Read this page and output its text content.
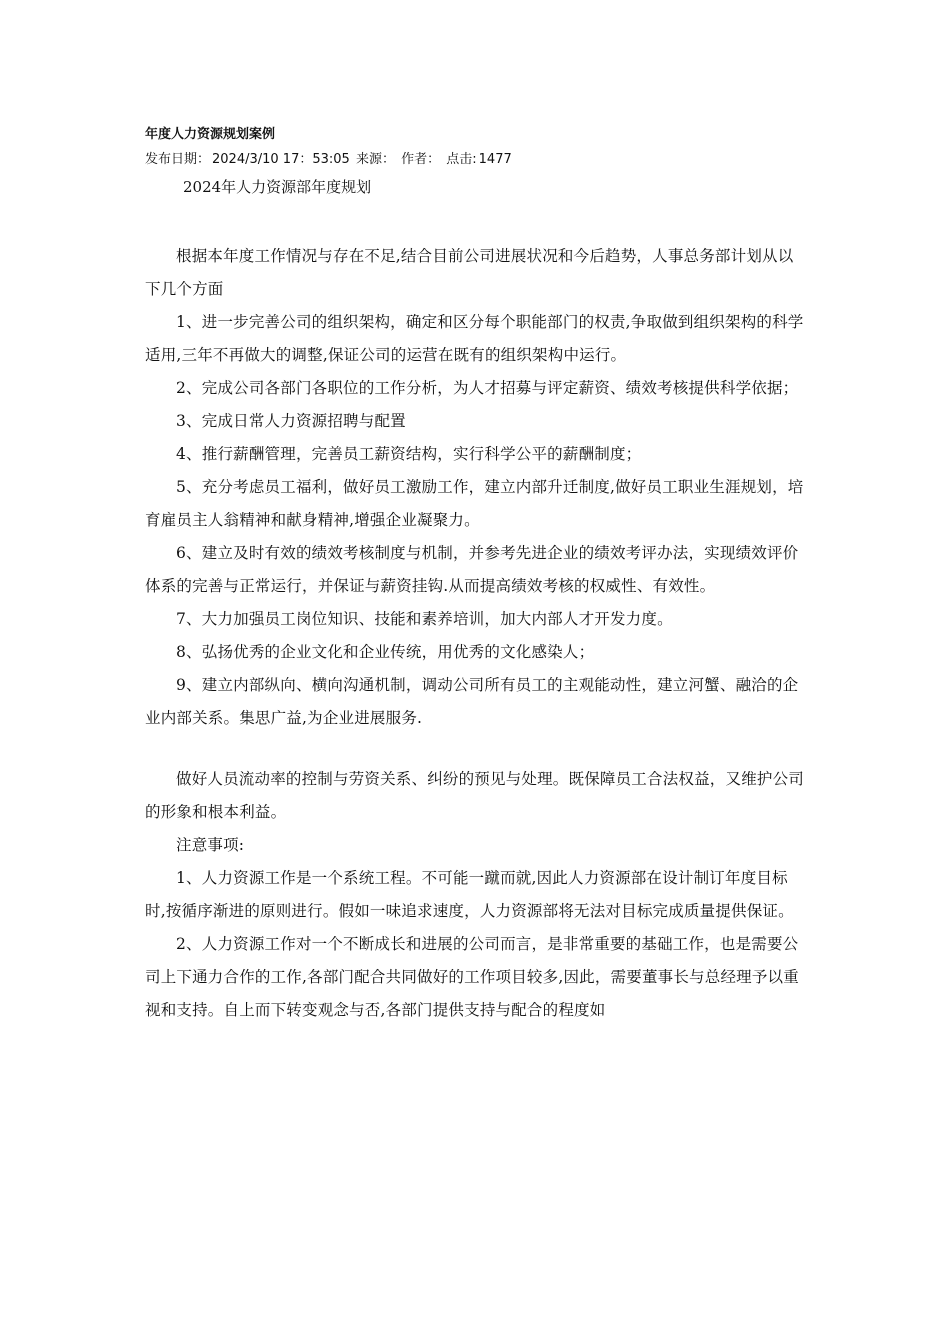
年度人力资源规划案例
发布日期： 2024/3/10 17：53:05 来源： 作者： 点击: 1477
2024年人力资源部年度规划

根据本年度工作情况与存在不足,结合目前公司进展状况和今后趋势，人事总务部计划从以下几个方面

1、进一步完善公司的组织架构，确定和区分每个职能部门的权责,争取做到组织架构的科学适用,三年不再做大的调整,保证公司的运营在既有的组织架构中运行。

2、完成公司各部门各职位的工作分析，为人才招募与评定薪资、绩效考核提供科学依据；

3、完成日常人力资源招聘与配置

4、推行薪酬管理，完善员工薪资结构，实行科学公平的薪酬制度；

5、充分考虑员工福利，做好员工激励工作，建立内部升迁制度,做好员工职业生涯规划，培育雇员主人翁精神和献身精神,增强企业凝聚力。

6、建立及时有效的绩效考核制度与机制，并参考先进企业的绩效考评办法，实现绩效评价体系的完善与正常运行，并保证与薪资挂钩.从而提高绩效考核的权威性、有效性。

7、大力加强员工岗位知识、技能和素养培训，加大内部人才开发力度。

8、弘扬优秀的企业文化和企业传统，用优秀的文化感染人；

9、建立内部纵向、横向沟通机制，调动公司所有员工的主观能动性，建立河蟹、融洽的企业内部关系。集思广益,为企业进展服务.

做好人员流动率的控制与劳资关系、纠纷的预见与处理。既保障员工合法权益，又维护公司的形象和根本利益。

注意事项:

1、人力资源工作是一个系统工程。不可能一蹴而就,因此人力资源部在设计制订年度目标时,按循序渐进的原则进行。假如一味追求速度，人力资源部将无法对目标完成质量提供保证。

2、人力资源工作对一个不断成长和进展的公司而言，是非常重要的基础工作，也是需要公司上下通力合作的工作,各部门配合共同做好的工作项目较多,因此，需要董事长与总经理予以重视和支持。自上而下转变观念与否,各部门提供支持与配合的程度如
